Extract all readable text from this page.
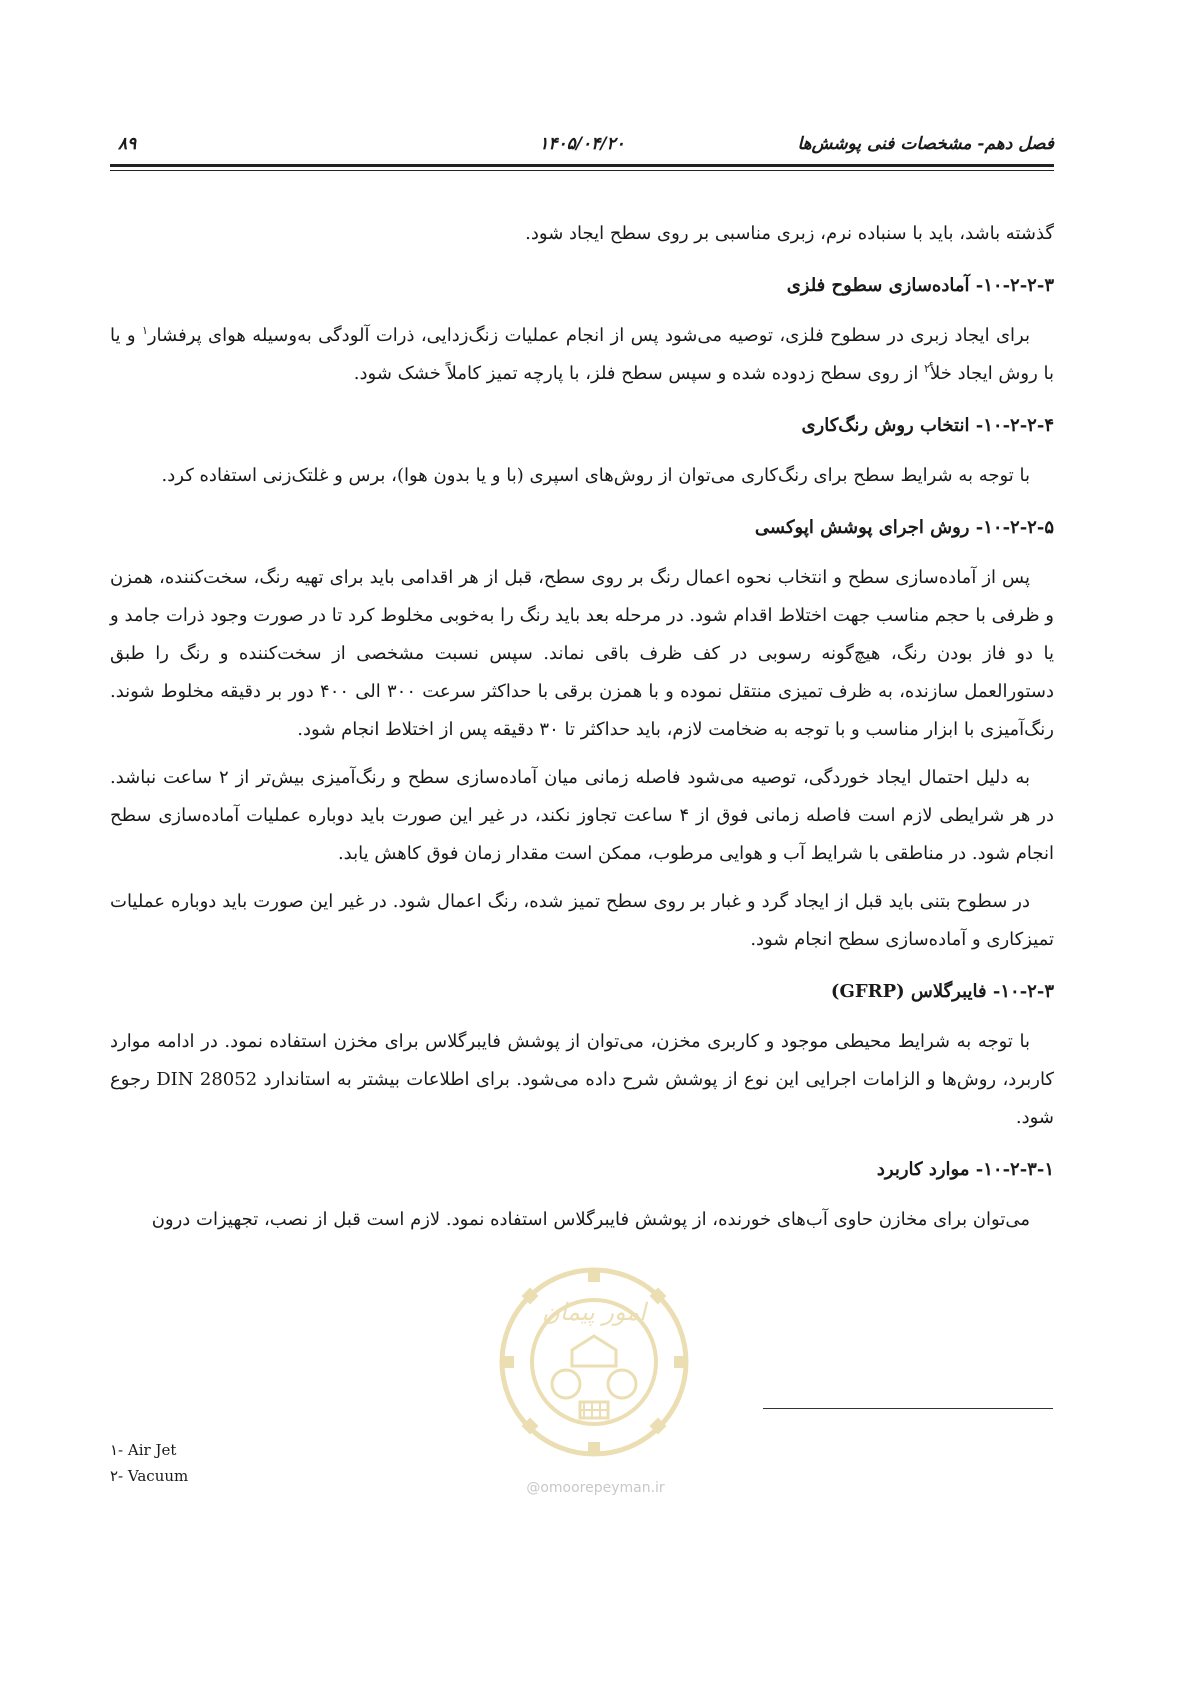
۸۹	۱۴۰۵/۰۴/۲۰	فصل دهم- مشخصات فنی پوشش‌ها

گذشته باشد، باید با سنباده نرم، زبری مناسبی بر روی سطح ایجاد شود.

۱۰-۲-۲-۳- آماده‌سازی سطوح فلزی

برای ایجاد زبری در سطوح فلزی، توصیه می‌شود پس از انجام عملیات زنگ‌زدایی، ذرات آلودگی به‌وسیله هوای پرفشار$^۱$ و یا با روش ایجاد خلأ$^۲$ از روی سطح زدوده شده و سپس سطح فلز، با پارچه تمیز کاملاً خشک شود.

۱۰-۲-۲-۴- انتخاب روش رنگ‌کاری

با توجه به شرایط سطح برای رنگ‌کاری می‌توان از روش‌های اسپری (با و یا بدون هوا)، برس و غلتک‌زنی استفاده کرد.

۱۰-۲-۲-۵- روش اجرای پوشش اپوکسی

پس از آماده‌سازی سطح و انتخاب نحوه اعمال رنگ بر روی سطح، قبل از هر اقدامی باید برای تهیه رنگ، سخت‌کننده، همزن و ظرفی با حجم مناسب جهت اختلاط اقدام شود. در مرحله بعد باید رنگ را به‌خوبی مخلوط کرد تا در صورت وجود ذرات جامد و یا دو فاز بودن رنگ، هیچ‌گونه رسوبی در کف ظرف باقی نماند. سپس نسبت مشخصی از سخت‌کننده و رنگ را طبق دستورالعمل سازنده، به ظرف تمیزی منتقل نموده و با همزن برقی با حداکثر سرعت ۳۰۰ الی ۴۰۰ دور بر دقیقه مخلوط شوند. رنگ‌آمیزی با ابزار مناسب و با توجه به ضخامت لازم، باید حداکثر تا ۳۰ دقیقه پس از اختلاط انجام شود.

به دلیل احتمال ایجاد خوردگی، توصیه می‌شود فاصله زمانی میان آماده‌سازی سطح و رنگ‌آمیزی بیش‌تر از ۲ ساعت نباشد. در هر شرایطی لازم است فاصله زمانی فوق از ۴ ساعت تجاوز نکند، در غیر این صورت باید دوباره عملیات آماده‌سازی سطح انجام شود. در مناطقی با شرایط آب و هوایی مرطوب، ممکن است مقدار زمان فوق کاهش یابد.

در سطوح بتنی باید قبل از ایجاد گرد و غبار بر روی سطح تمیز شده، رنگ اعمال شود. در غیر این صورت باید دوباره عملیات تمیزکاری و آماده‌سازی سطح انجام شود.

۱۰-۲-۳- فایبرگلاس (GFRP)

با توجه به شرایط محیطی موجود و کاربری مخزن، می‌توان از پوشش فایبرگلاس برای مخزن استفاده نمود. در ادامه موارد کاربرد، روش‌ها و الزامات اجرایی این نوع از پوشش شرح داده می‌شود. برای اطلاعات بیشتر به استاندارد DIN 28052 رجوع شود.

۱۰-۲-۳-۱- موارد کاربرد

می‌توان برای مخازن حاوی آب‌های خورنده، از پوشش فایبرگلاس استفاده نمود. لازم است قبل از نصب، تجهیزات درون

۱- Air Jet
۲- Vacuum
امور پیمان
@omoorepeyman.ir
